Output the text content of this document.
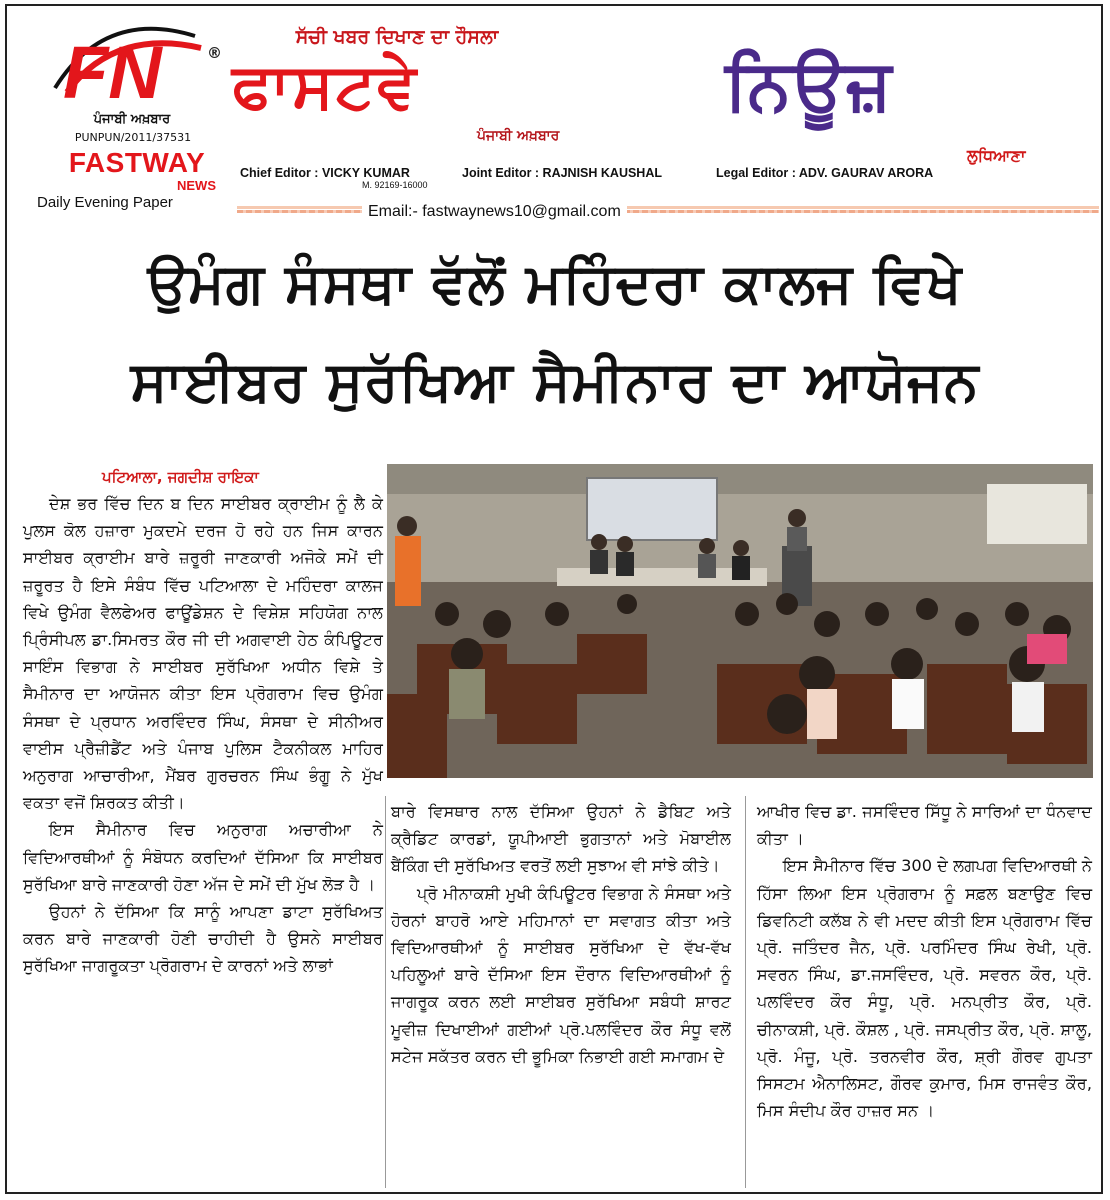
FN	®
ਪੰਜਾਬੀ ਅਖ਼ਬਾਰ
PUNPUN/2011/37531
FASTWAY
NEWS
Daily Evening Paper
ਸੱਚੀ ਖਬਰ ਦਿਖਾਣ ਦਾ ਹੌਸਲਾ
ਫਾਸਟਵੇ	ਨਿਊਜ਼
ਪੰਜਾਬੀ ਅਖ਼ਬਾਰ
ਲੁਧਿਆਣਾ
Chief Editor : VICKY KUMAR	Joint Editor : RAJNISH KAUSHAL	Legal Editor : ADV. GAURAV ARORA
M. 92169-16000
Email:- fastwaynews10@gmail.com
ਉਮੰਗ ਸੰਸਥਾ ਵੱਲੋਂ ਮਹਿੰਦਰਾ ਕਾਲਜ ਵਿਖੇ
ਸਾਈਬਰ ਸੁਰੱਖਿਆ ਸੈਮੀਨਾਰ ਦਾ ਆਯੋਜਨ
ਪਟਿਆਲਾ, ਜਗਦੀਸ਼ ਰਾਇਕਾ

ਦੇਸ਼ ਭਰ ਵਿੱਚ ਦਿਨ ਬ ਦਿਨ ਸਾਈਬਰ ਕ੍ਰਾਈਮ ਨੂੰ ਲੈ ਕੇ ਪੁਲਸ ਕੋਲ ਹਜ਼ਾਰਾ ਮੁਕਦਮੇ ਦਰਜ ਹੋ ਰਹੇ ਹਨ ਜਿਸ ਕਾਰਨ ਸਾਈਬਰ ਕ੍ਰਾਈਮ ਬਾਰੇ ਜ਼ਰੂਰੀ ਜਾਣਕਾਰੀ ਅਜੋਕੇ ਸਮੇਂ ਦੀ ਜ਼ਰੂਰਤ ਹੈ ਇਸੇ ਸੰਬੰਧ ਵਿੱਚ ਪਟਿਆਲਾ ਦੇ ਮਹਿੰਦਰਾ ਕਾਲਜ ਵਿਖੇ ਉਮੰਗ ਵੈਲਫੇਅਰ ਫਾਊਂਡੇਸ਼ਨ ਦੇ ਵਿਸ਼ੇਸ਼ ਸਹਿਯੋਗ ਨਾਲ ਪ੍ਰਿੰਸੀਪਲ ਡਾ.ਸਿਮਰਤ ਕੌਰ ਜੀ ਦੀ ਅਗਵਾਈ ਹੇਠ ਕੰਪਿਊਟਰ ਸਾਇੰਸ ਵਿਭਾਗ ਨੇ ਸਾਈਬਰ ਸੁਰੱਖਿਆ ਅਧੀਨ ਵਿਸ਼ੇ ਤੇ ਸੈਮੀਨਾਰ ਦਾ ਆਯੋਜਨ ਕੀਤਾ ਇਸ ਪ੍ਰੋਗਰਾਮ ਵਿਚ ਉਮੰਗ ਸੰਸਥਾ ਦੇ ਪ੍ਰਧਾਨ ਅਰਵਿੰਦਰ ਸਿੰਘ, ਸੰਸਥਾ ਦੇ ਸੀਨੀਅਰ ਵਾਈਸ ਪ੍ਰੈਜ਼ੀਡੈਂਟ ਅਤੇ ਪੰਜਾਬ ਪੁਲਿਸ ਟੈਕਨੀਕਲ ਮਾਹਿਰ ਅਨੁਰਾਗ ਆਚਾਰੀਆ, ਮੈਂਬਰ ਗੁਰਚਰਨ ਸਿੰਘ ਭੰਗੂ ਨੇ ਮੁੱਖ ਵਕਤਾ ਵਜੋਂ ਸ਼ਿਰਕਤ ਕੀਤੀ।

ਇਸ ਸੈਮੀਨਾਰ ਵਿਚ ਅਨੁਰਾਗ ਅਚਾਰੀਆ ਨੇ ਵਿਦਿਆਰਥੀਆਂ ਨੂੰ ਸੰਬੋਧਨ ਕਰਦਿਆਂ ਦੱਸਿਆ ਕਿ ਸਾਈਬਰ ਸੁਰੱਖਿਆ ਬਾਰੇ ਜਾਣਕਾਰੀ ਹੋਣਾ ਅੱਜ ਦੇ ਸਮੇਂ ਦੀ ਮੁੱਖ ਲੋੜ ਹੈ ।

ਉਹਨਾਂ ਨੇ ਦੱਸਿਆ ਕਿ ਸਾਨੂੰ ਆਪਣਾ ਡਾਟਾ ਸੁਰੱਖਿਅਤ ਕਰਨ ਬਾਰੇ ਜਾਣਕਾਰੀ ਹੋਣੀ ਚਾਹੀਦੀ ਹੈ ਉਸਨੇ ਸਾਈਬਰ ਸੁਰੱਖਿਆ ਜਾਗਰੂਕਤਾ ਪ੍ਰੋਗਰਾਮ ਦੇ ਕਾਰਨਾਂ ਅਤੇ ਲਾਭਾਂ

ਬਾਰੇ ਵਿਸਥਾਰ ਨਾਲ ਦੱਸਿਆ ਉਹਨਾਂ ਨੇ ਡੈਬਿਟ ਅਤੇ ਕ੍ਰੈਡਿਟ ਕਾਰਡਾਂ, ਯੂਪੀਆਈ ਭੁਗਤਾਨਾਂ ਅਤੇ ਮੋਬਾਈਲ ਬੈਂਕਿੰਗ ਦੀ ਸੁਰੱਖਿਅਤ ਵਰਤੋਂ ਲਈ ਸੁਝਾਅ ਵੀ ਸਾਂਝੇ ਕੀਤੇ।

ਪ੍ਰੋ ਮੀਨਾਕਸ਼ੀ ਮੁਖੀ ਕੰਪਿਊਟਰ ਵਿਭਾਗ ਨੇ ਸੰਸਥਾ ਅਤੇ ਹੋਰਨਾਂ ਬਾਹਰੋ ਆਏ ਮਹਿਮਾਨਾਂ ਦਾ ਸਵਾਗਤ ਕੀਤਾ ਅਤੇ ਵਿਦਿਆਰਥੀਆਂ ਨੂੰ ਸਾਈਬਰ ਸੁਰੱਖਿਆ ਦੇ ਵੱਖ-ਵੱਖ ਪਹਿਲੂਆਂ ਬਾਰੇ ਦੱਸਿਆ ਇਸ ਦੌਰਾਨ ਵਿਦਿਆਰਥੀਆਂ ਨੂੰ ਜਾਗਰੂਕ ਕਰਨ ਲਈ ਸਾਈਬਰ ਸੁਰੱਖਿਆ ਸਬੰਧੀ ਸ਼ਾਰਟ ਮੂਵੀਜ਼ ਦਿਖਾਈਆਂ ਗਈਆਂ ਪ੍ਰੋ.ਪਲਵਿੰਦਰ ਕੌਰ ਸੰਧੂ ਵਲੋਂ ਸਟੇਜ ਸਕੱਤਰ ਕਰਨ ਦੀ ਭੂਮਿਕਾ ਨਿਭਾਈ ਗਈ ਸਮਾਗਮ ਦੇ

ਆਖੀਰ ਵਿਚ ਡਾ. ਜਸਵਿੰਦਰ ਸਿੱਧੂ ਨੇ ਸਾਰਿਆਂ ਦਾ ਧੰਨਵਾਦ ਕੀਤਾ ।

ਇਸ ਸੈਮੀਨਾਰ ਵਿੱਚ 300 ਦੇ ਲਗਪਗ ਵਿਦਿਆਰਥੀ ਨੇ ਹਿੱਸਾ ਲਿਆ ਇਸ ਪ੍ਰੋਗਰਾਮ ਨੂੰ ਸਫ਼ਲ ਬਣਾਉਣ ਵਿਚ ਡਿਵਨਿਟੀ ਕਲੱਬ ਨੇ ਵੀ ਮਦਦ ਕੀਤੀ ਇਸ ਪ੍ਰੋਗਰਾਮ ਵਿੱਚ ਪ੍ਰੋ. ਜਤਿੰਦਰ ਜੈਨ, ਪ੍ਰੋ. ਪਰਮਿੰਦਰ ਸਿੰਘ ਰੇਖੀ, ਪ੍ਰੋ. ਸਵਰਨ ਸਿੰਘ, ਡਾ.ਜਸਵਿੰਦਰ, ਪ੍ਰੋ. ਸਵਰਨ ਕੌਰ, ਪ੍ਰੋ. ਪਲਵਿੰਦਰ ਕੌਰ ਸੰਧੂ, ਪ੍ਰੋ. ਮਨਪ੍ਰੀਤ ਕੌਰ, ਪ੍ਰੋ. ਚੀਨਾਕਸ਼ੀ, ਪ੍ਰੋ. ਕੌਸ਼ਲ , ਪ੍ਰੋ. ਜਸਪ੍ਰੀਤ ਕੌਰ, ਪ੍ਰੋ. ਸ਼ਾਲੂ, ਪ੍ਰੋ. ਮੰਜੂ, ਪ੍ਰੋ. ਤਰਨਵੀਰ ਕੌਰ, ਸ਼੍ਰੀ ਗੌਰਵ ਗੁਪਤਾ ਸਿਸਟਮ ਐਨਾਲਿਸਟ, ਗੌਰਵ ਕੁਮਾਰ, ਮਿਸ ਰਾਜਵੰਤ ਕੌਰ, ਮਿਸ ਸੰਦੀਪ ਕੌਰ ਹਾਜ਼ਰ ਸਨ ।
